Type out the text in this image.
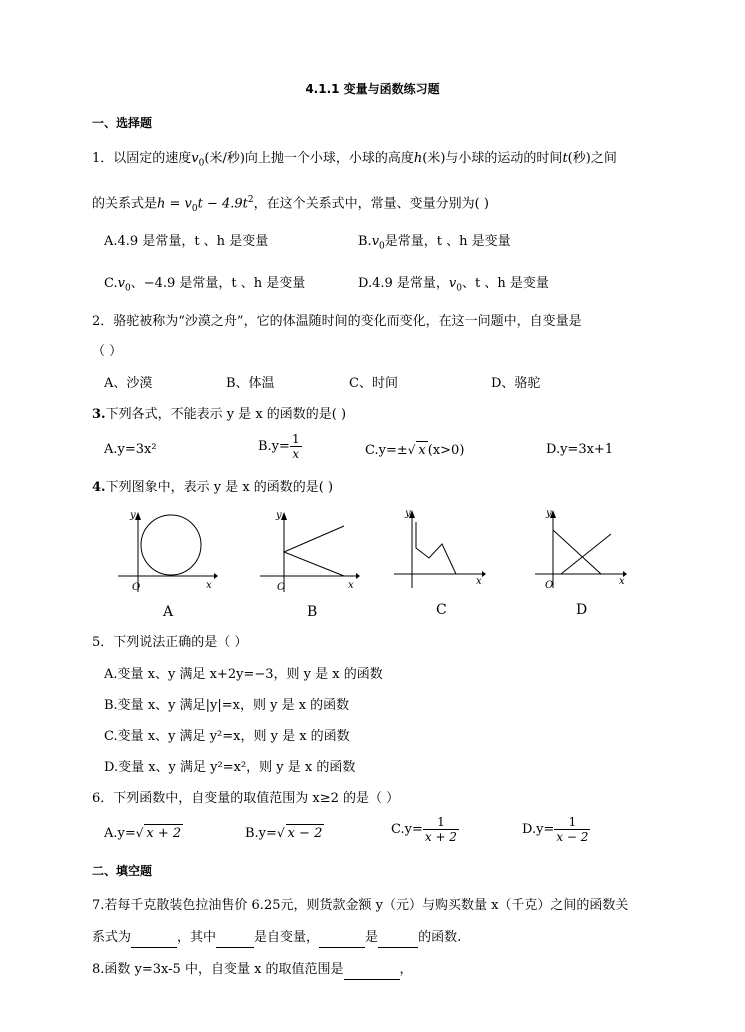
4.1.1 变量与函数练习题
一、选择题
1．以固定的速度$v_0$(米/秒)向上抛一个小球，小球的高度h(米)与小球的运动的时间t(秒)之间
的关系式是$h = v_0t - 4.9t^2$，在这个关系式中，常量、变量分别为( )
A.4.9 是常量，t 、h 是变量	$B.v_0$是常量，t 、h 是变量
$C.v_0$、−4.9 是常量，t 、h 是变量	D.4.9 是常量，$v_0$、t 、h 是变量
2．骆驼被称为“沙漠之舟”，它的体温随时间的变化而变化，在这一问题中，自变量是
（ ）
A、沙漠	B、体温	C、时间	D、骆驼
3.下列各式，不能表示 y 是 x 的函数的是( )
A.y=3x²	$B.y= \frac{1}{x}$	C.y=±√ x (x>0)	D.y=3x+1
4.下列图象中，表示 y 是 x 的函数的是( )
y
x
O
A
y
x
O
B
y
x
C
y
x
O
D
5．下列说法正确的是（ ）
A.变量 x、y 满足 x+2y=−3，则 y 是 x 的函数
B.变量 x、y 满足|y|=x，则 y 是 x 的函数
C.变量 x、y 满足 y²=x，则 y 是 x 的函数
D.变量 x、y 满足 y²=x²，则 y 是 x 的函数
6．下列函数中，自变量的取值范围为 x≥2 的是（ ）
A.y=√ x + 2	B.y=√ x − 2	$C.y= \frac{1}{x + 2}$	$D.y= \frac{1}{x - 2}$
二、填空题
7.若每千克散装色拉油售价 6.25元，则货款金额 y（元）与购买数量 x（千克）之间的函数关
系式为	，其中	是自变量，	是	的函数.
8.函数 y=3x-5 中，自变量 x 的取值范围是	，
